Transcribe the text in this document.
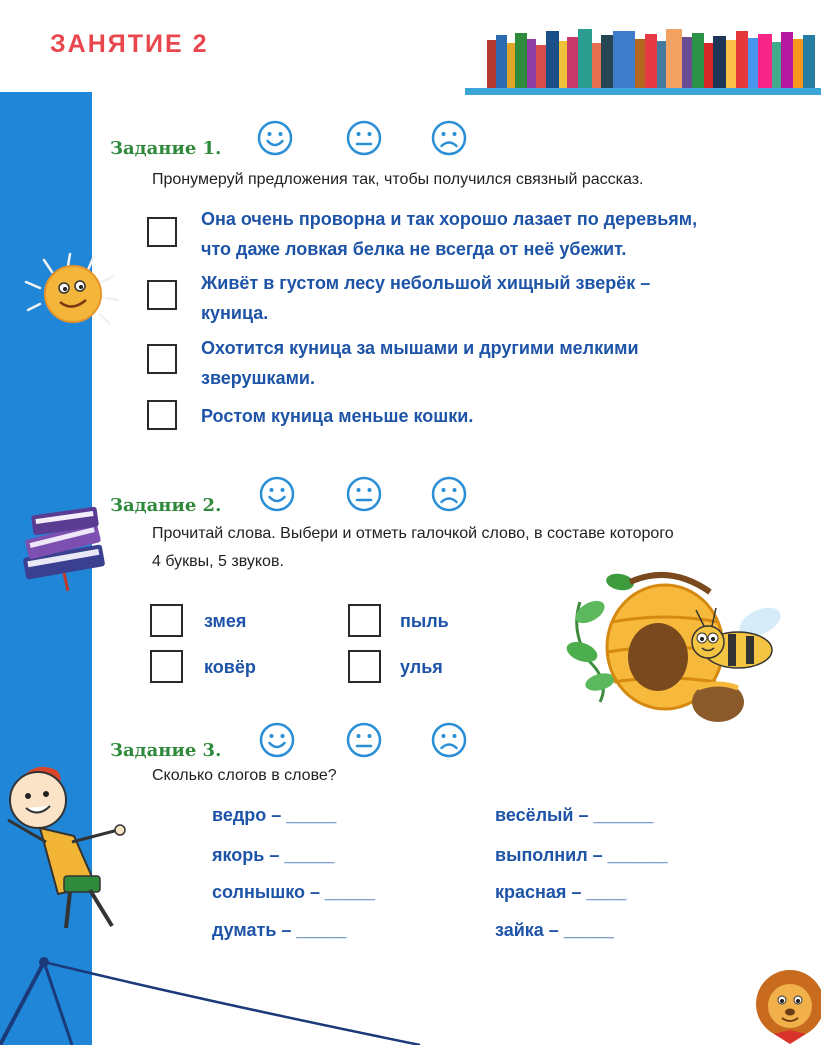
ЗАНЯТИЕ 2
Задание 1.
Пронумеруй предложения так, чтобы получился связный рассказ.
Она очень проворна и так хорошо лазает по деревьям,
что даже ловкая белка не всегда от неё убежит.
Живёт в густом лесу небольшой хищный зверёк –
куница.
Охотится куница за мышами и другими мелкими
зверушками.
Ростом куница меньше кошки.
Задание 2.
Прочитай слова. Выбери и отметь галочкой слово, в составе которого
4 буквы, 5 звуков.
змея	пыль
ковёр	улья
Задание 3.
Сколько слогов в слове?
ведро – _____	весёлый – ______
якорь – _____	выполнил – ______
солнышко – _____	красная – ____
думать – _____	зайка – _____
